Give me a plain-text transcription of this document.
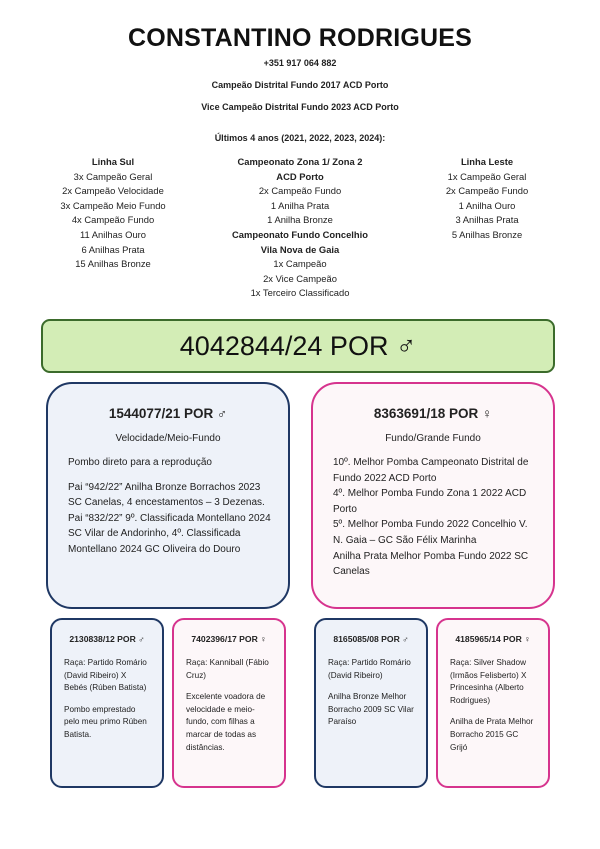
CONSTANTINO RODRIGUES
+351 917 064 882
Campeão Distrital Fundo 2017 ACD Porto
Vice Campeão Distrital Fundo 2023 ACD Porto
Últimos 4 anos (2021, 2022, 2023, 2024):
Linha Sul
3x Campeão Geral
2x Campeão Velocidade
3x Campeão Meio Fundo
4x Campeão Fundo
11 Anilhas Ouro
6 Anilhas Prata
15 Anilhas Bronze
Campeonato Zona 1/ Zona 2
ACD Porto
2x Campeão Fundo
1 Anilha Prata
1 Anilha Bronze
Campeonato Fundo Concelhio
Vila Nova de Gaia
1x Campeão
2x Vice Campeão
1x Terceiro Classificado
Linha Leste
1x Campeão Geral
2x Campeão Fundo
1 Anilha Ouro
3 Anilhas Prata
5 Anilhas Bronze
4042844/24 POR ♂
1544077/21 POR ♂
Velocidade/Meio-Fundo

Pombo direto para a reprodução

Pai “942/22” Anilha Bronze Borrachos 2023 SC Canelas, 4 encestamentos – 3 Dezenas.

Pai “832/22” 9º. Classificada Montellano 2024 SC Vilar de Andorinho, 4º. Classificada Montellano 2024 GC Oliveira do Douro

8363691/18 POR ♀
Fundo/Grande Fundo

10º. Melhor Pomba Campeonato Distrital de Fundo 2022 ACD Porto

4º. Melhor Pomba Fundo Zona 1 2022 ACD Porto

5º. Melhor Pomba Fundo 2022 Concelhio V. N. Gaia – GC São Félix Marinha

Anilha Prata Melhor Pomba Fundo 2022 SC Canelas

2130838/12 POR ♂

Raça: Partido Romário (David Ribeiro) X Bebés (Rúben Batista)

Pombo emprestado pelo meu primo Rúben Batista.

7402396/17 POR ♀

Raça: Kanniball (Fábio Cruz)

Excelente voadora de velocidade e meio-fundo, com filhas a marcar de todas as distâncias.

8165085/08 POR ♂

Raça: Partido Romário (David Ribeiro)

Anilha Bronze Melhor Borracho 2009 SC Vilar Paraíso

4185965/14 POR ♀

Raça: Silver Shadow (Irmãos Felisberto) X Princesinha (Alberto Rodrigues)

Anilha de Prata Melhor Borracho 2015 GC Grijó
